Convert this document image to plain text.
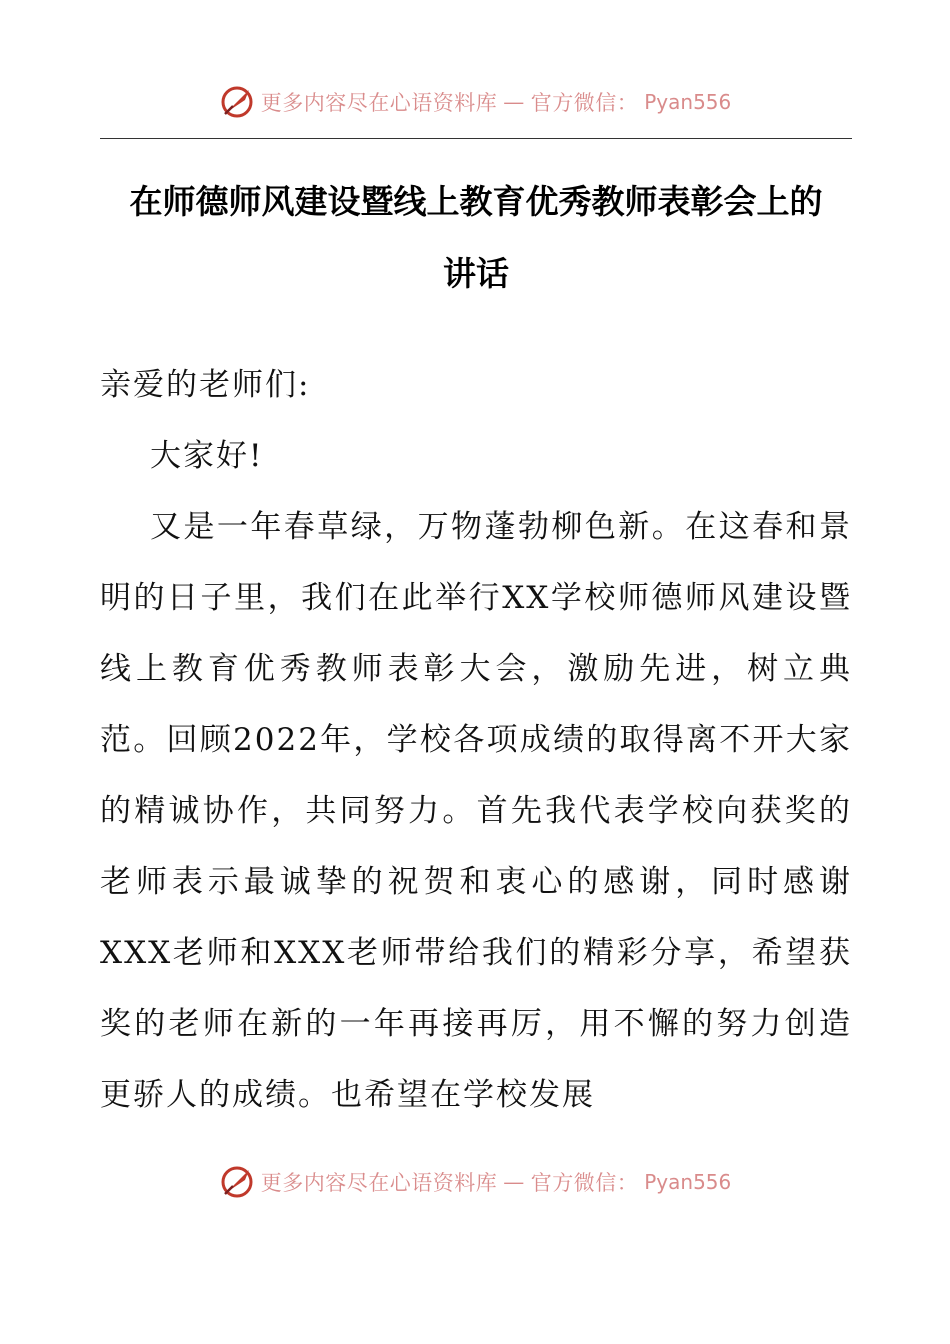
更多内容尽在心语资料库 — 官方微信： Pyan556
在师德师风建设暨线上教育优秀教师表彰会上的
讲话

亲爱的老师们:

大家好!

又是一年春草绿，万物蓬勃柳色新。在这春和景明的日子里，我们在此举行XX学校师德师风建设暨线上教育优秀教师表彰大会，激励先进，树立典范。回顾2022年，学校各项成绩的取得离不开大家的精诚协作，共同努力。首先我代表学校向获奖的老师表示最诚挚的祝贺和衷心的感谢，同时感谢XXX老师和XXX老师带给我们的精彩分享，希望获奖的老师在新的一年再接再厉，用不懈的努力创造更骄人的成绩。也希望在学校发展

更多内容尽在心语资料库 — 官方微信： Pyan556
